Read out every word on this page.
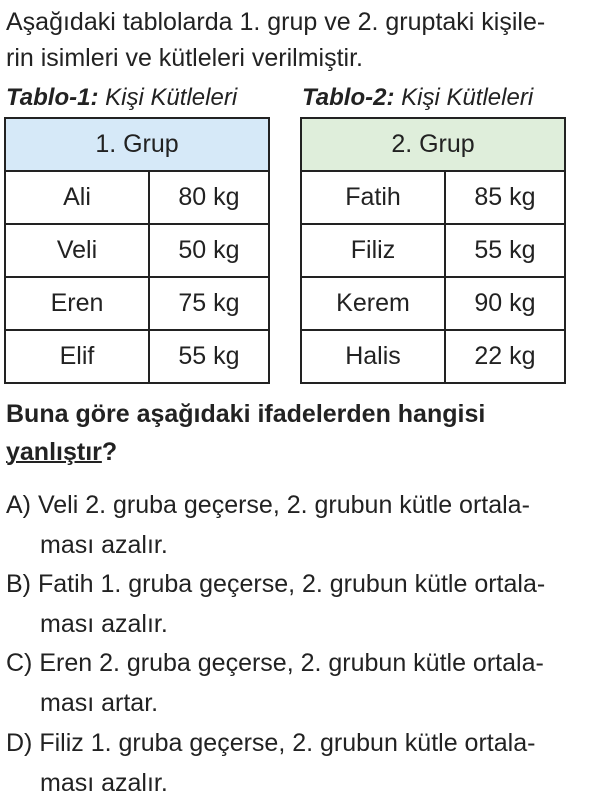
Aşağıdaki tablolarda 1. grup ve 2. gruptaki kişile-
rin isimleri ve kütleleri verilmiştir.

Tablo-1: Kişi Kütleleri	Tablo-2: Kişi Kütleleri
1. Grup	
Ali	80 kg
Veli	50 kg
Eren	75 kg
Elif	55 kg
2. Grup	
Fatih	85 kg
Filiz	55 kg
Kerem	90 kg
Halis	22 kg

Buna göre aşağıdaki ifadelerden hangisi
yanlıştır?

A) Veli 2. gruba geçerse, 2. grubun kütle ortala-
ması azalır.
B) Fatih 1. gruba geçerse, 2. grubun kütle ortala-
ması azalır.
C) Eren 2. gruba geçerse, 2. grubun kütle ortala-
ması artar.
D) Filiz 1. gruba geçerse, 2. grubun kütle ortala-
ması azalır.
